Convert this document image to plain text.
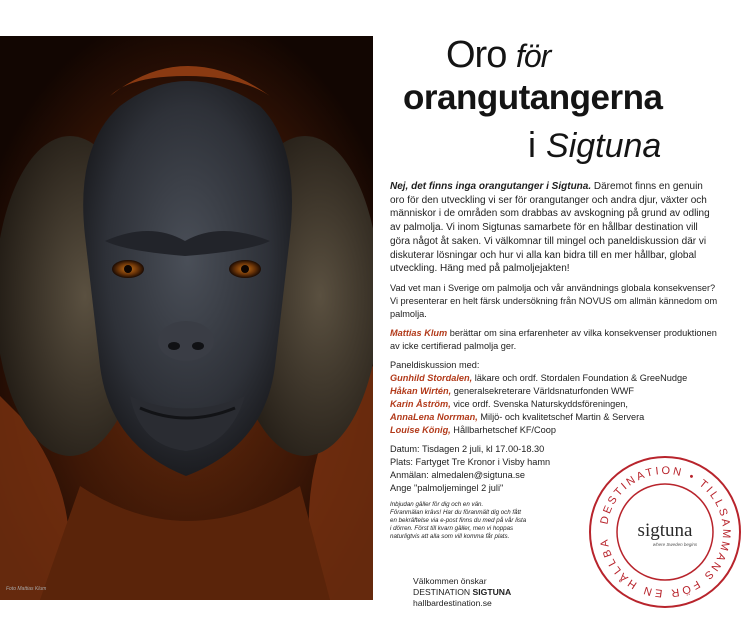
Foto Mattias Klum
Oro för
orangutangerna
i Sigtuna

Nej, det finns inga orangutanger i Sigtuna. Däremot finns en genuin oro för den utveckling vi ser för orangutanger och andra djur, växter och människor i de områden som drabbas av avskogning på grund av odling av palmolja. Vi inom Sigtunas samarbete för en hållbar destination vill göra något åt saken. Vi välkomnar till mingel och paneldiskussion där vi diskuterar lösningar och hur vi alla kan bidra till en mer hållbar, global utveckling. Häng med på palmoljejakten!

Vad vet man i Sverige om palmolja och vår användnings globala konsekvenser? Vi presenterar en helt färsk undersökning från NOVUS om allmän kännedom om palmolja.

Mattias Klum berättar om sina erfarenheter av vilka konsekvenser produktionen av icke certifierad palmolja ger.

Paneldiskussion med:
Gunhild Stordalen, läkare och ordf. Stordalen Foundation & GreeNudge
Håkan Wirtén, generalsekreterare Världsnaturfonden WWF
Karin Åström, vice ordf. Svenska Naturskyddsföreningen,
AnnaLena Norrman, Miljö- och kvalitetschef Martin & Servera
Louise König, Hållbarhetschef KF/Coop
Datum: Tisdagen 2 juli, kl 17.00-18.30
Plats: Fartyget Tre Kronor i Visby hamn
Anmälan: almedalen@sigtuna.se
Ange "palmoljemingel 2 juli"
Inbjudan gäller för dig och en vän.
Föranmälan krävs! Har du föranmält dig och fått
en bekräftelse via e-post finns du med på vår lista
i dörren. Först till kvarn gäller, men vi hoppas
naturligtvis att alla som vill komma får plats.
Välkommen önskar
DESTINATION SIGTUNA
hallbardestination.se
DESTINATION • TILLSAMMANS FÖR EN HÅLLBA
sigtuna
where Sweden begins
